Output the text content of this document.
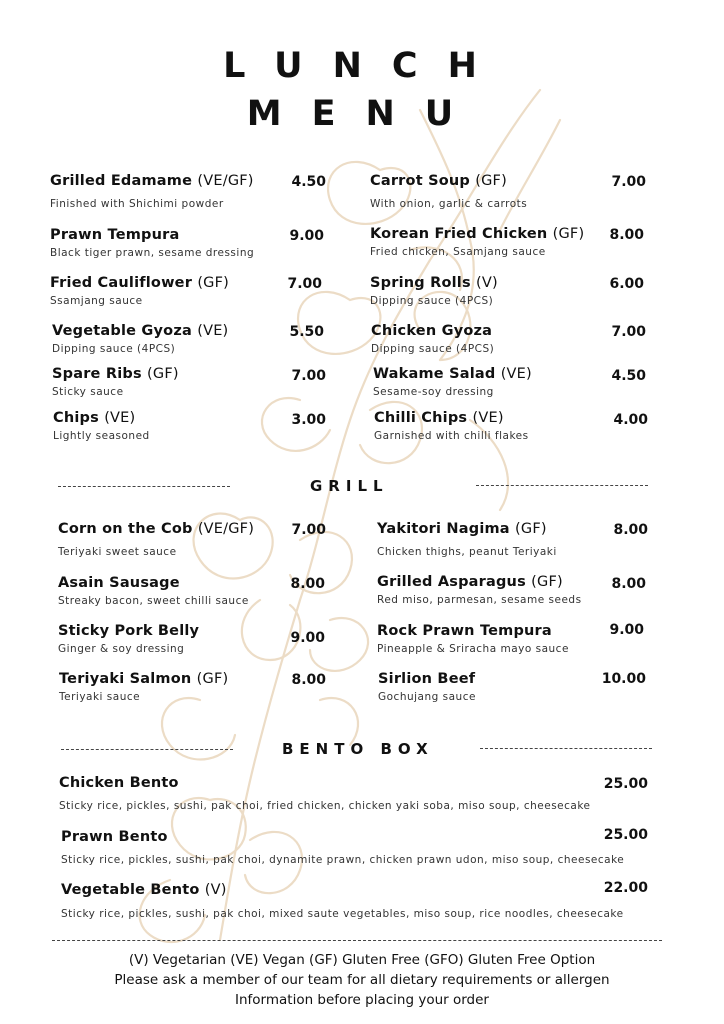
LUNCH
MENU
Grilled Edamame (VE/GF)
Finished with Shichimi powder
4.50
Prawn Tempura
Black tiger prawn, sesame dressing
9.00
Fried Cauliflower (GF)
Ssamjang sauce
7.00
Vegetable Gyoza (VE)
Dipping sauce (4PCS)
5.50
Spare Ribs (GF)
Sticky sauce
7.00
Chips (VE)
Lightly seasoned
3.00
Carrot Soup (GF)
With onion, garlic & carrots
7.00
Korean Fried Chicken (GF)
Fried chicken, Ssamjang sauce
8.00
Spring Rolls (V)
Dipping sauce (4PCS)
6.00
Chicken Gyoza
Dipping sauce (4PCS)
7.00
Wakame Salad (VE)
Sesame-soy dressing
4.50
Chilli Chips (VE)
Garnished with chilli flakes
4.00
GRILL
Corn on the Cob (VE/GF)
Teriyaki sweet sauce
7.00
Asain Sausage
Streaky bacon, sweet chilli sauce
8.00
Sticky Pork Belly
Ginger & soy dressing
9.00
Teriyaki Salmon (GF)
Teriyaki sauce
8.00
Yakitori Nagima (GF)
Chicken thighs, peanut Teriyaki
8.00
Grilled Asparagus (GF)
Red miso, parmesan, sesame seeds
8.00
Rock Prawn Tempura
Pineapple & Sriracha mayo sauce
9.00
Sirlion Beef
Gochujang sauce
10.00
BENTO BOX
Chicken Bento
Sticky rice, pickles, sushi, pak choi, fried chicken, chicken yaki soba, miso soup, cheesecake
25.00
Prawn Bento
Sticky rice, pickles, sushi, pak choi, dynamite prawn, chicken prawn udon, miso soup, cheesecake
25.00
Vegetable Bento (V)
Sticky rice, pickles, sushi, pak choi, mixed saute vegetables, miso soup, rice noodles, cheesecake
22.00
(V) Vegetarian (VE) Vegan (GF) Gluten Free (GFO) Gluten Free Option
Please ask a member of our team for all dietary requirements or allergen
Information before placing your order
